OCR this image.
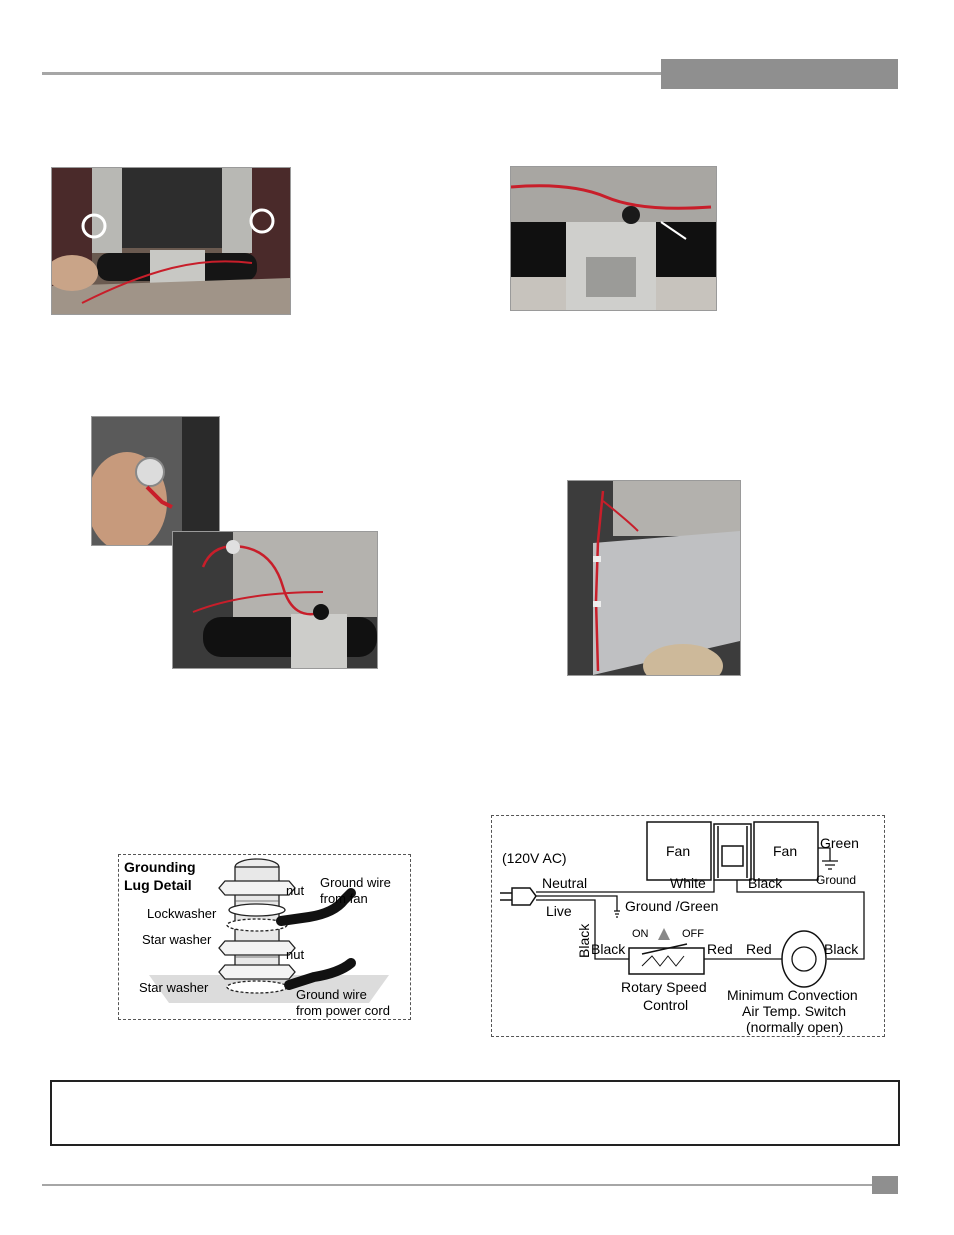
Grounding
Lug Detail	nut
Ground wire
from fan
Lockwasher
Star washer
nut
Star washer	Ground wire
from power cord
(120V AC)	Fan	Fan Green
Ground
Neutral	White	Black
Live	Ground /Green
Black	ON	OFF
Black	Red Red	Black
Rotary Speed
Control
Minimum Convection
Air Temp. Switch
(normally open)
